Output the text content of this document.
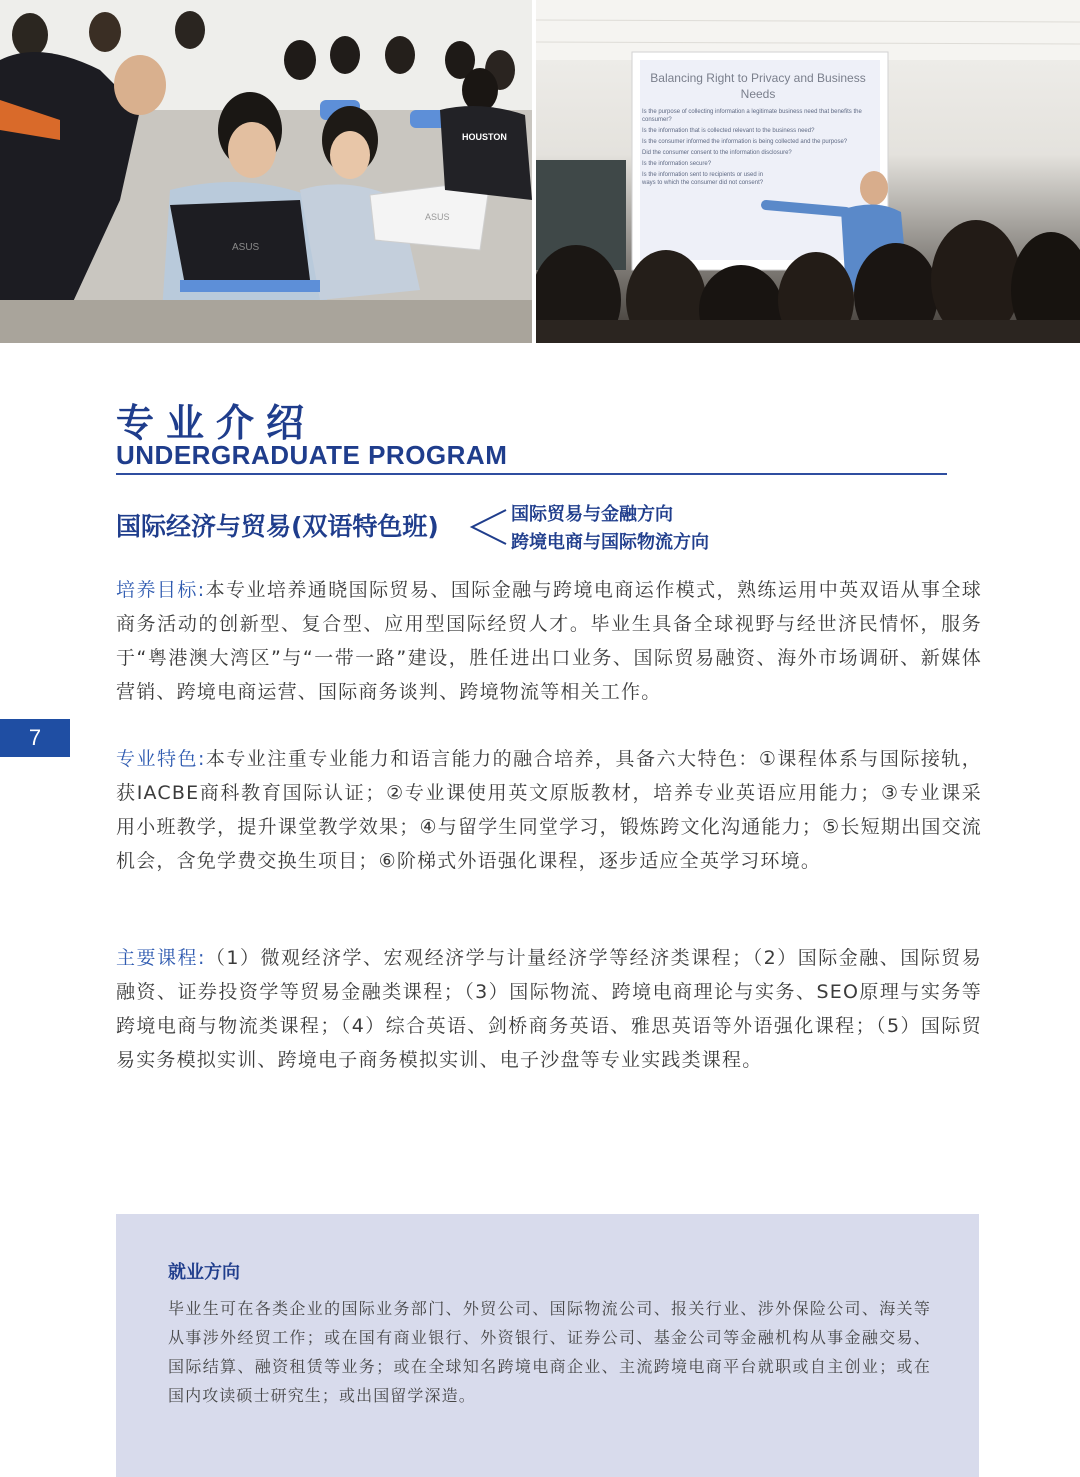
ASUS
ASUS
HOUSTON
Balancing Right to Privacy and Business Needs
Is the purpose of collecting information a legitimate business need that benefits the consumer?
Is the information that is collected relevant to the business need?
Is the consumer informed the information is being collected and the purpose?
Did the consumer consent to the information disclosure?
Is the information secure?
Is the information sent to recipients or used in ways to which the consumer did not consent?
专业介绍
UNDERGRADUATE PROGRAM
国际经济与贸易(双语特色班)	国际贸易与金融方向
跨境电商与国际物流方向
7

培养目标:本专业培养通晓国际贸易、国际金融与跨境电商运作模式，熟练运用中英双语从事全球商务活动的创新型、复合型、应用型国际经贸人才。毕业生具备全球视野与经世济民情怀，服务于“粤港澳大湾区”与“一带一路”建设，胜任进出口业务、国际贸易融资、海外市场调研、新媒体营销、跨境电商运营、国际商务谈判、跨境物流等相关工作。

专业特色:本专业注重专业能力和语言能力的融合培养，具备六大特色：①课程体系与国际接轨，获IACBE商科教育国际认证；②专业课使用英文原版教材，培养专业英语应用能力；③专业课采用小班教学，提升课堂教学效果；④与留学生同堂学习，锻炼跨文化沟通能力；⑤长短期出国交流机会，含免学费交换生项目；⑥阶梯式外语强化课程，逐步适应全英学习环境。

主要课程:（1）微观经济学、宏观经济学与计量经济学等经济类课程；（2）国际金融、国际贸易融资、证券投资学等贸易金融类课程；（3）国际物流、跨境电商理论与实务、SEO原理与实务等跨境电商与物流类课程；（4）综合英语、剑桥商务英语、雅思英语等外语强化课程；（5）国际贸易实务模拟实训、跨境电子商务模拟实训、电子沙盘等专业实践类课程。

就业方向

毕业生可在各类企业的国际业务部门、外贸公司、国际物流公司、报关行业、涉外保险公司、海关等从事涉外经贸工作；或在国有商业银行、外资银行、证券公司、基金公司等金融机构从事金融交易、国际结算、融资租赁等业务；或在全球知名跨境电商企业、主流跨境电商平台就职或自主创业；或在国内攻读硕士研究生；或出国留学深造。
